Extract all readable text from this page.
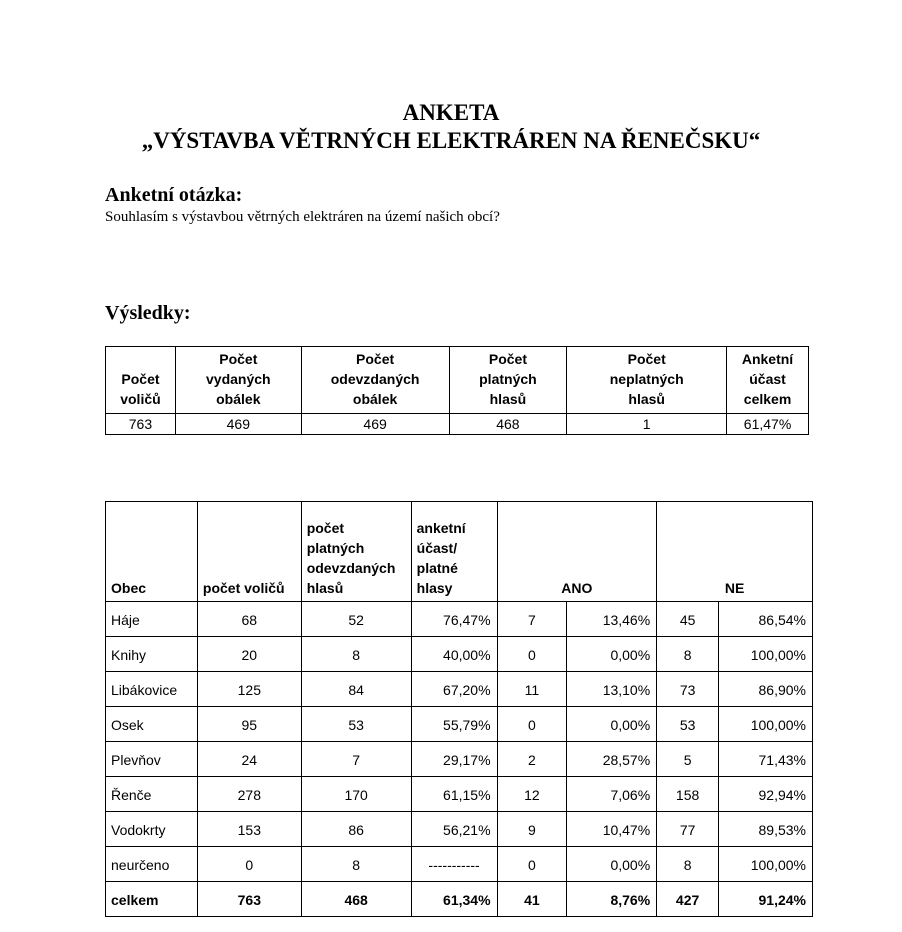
ANKETA
„VÝSTAVBA VĚTRNÝCH ELEKTRÁREN NA ŘENEČSKU“
Anketní otázka:
Souhlasím s výstavbou větrných elektráren na území našich obcí?
Výsledky:
Počet
voličů	Počet
vydaných
obálek	Počet
odevzdaných
obálek	Počet
platných
hlasů	Počet
neplatných
hlasů	Anketní
účast
celkem
763	469	469	468	1	61,47%
Obec	počet voličů	počet
platných
odevzdaných
hlasů	anketní
účast/
platné
hlasy	ANO		NE	
Háje	68	52	76,47%	7	13,46%	45	86,54%
Knihy	20	8	40,00%	0	0,00%	8	100,00%
Libákovice	125	84	67,20%	11	13,10%	73	86,90%
Osek	95	53	55,79%	0	0,00%	53	100,00%
Plevňov	24	7	29,17%	2	28,57%	5	71,43%
Řenče	278	170	61,15%	12	7,06%	158	92,94%
Vodokrty	153	86	56,21%	9	10,47%	77	89,53%
neurčeno	0	8	-----------	0	0,00%	8	100,00%
celkem	763	468	61,34%	41	8,76%	427	91,24%
